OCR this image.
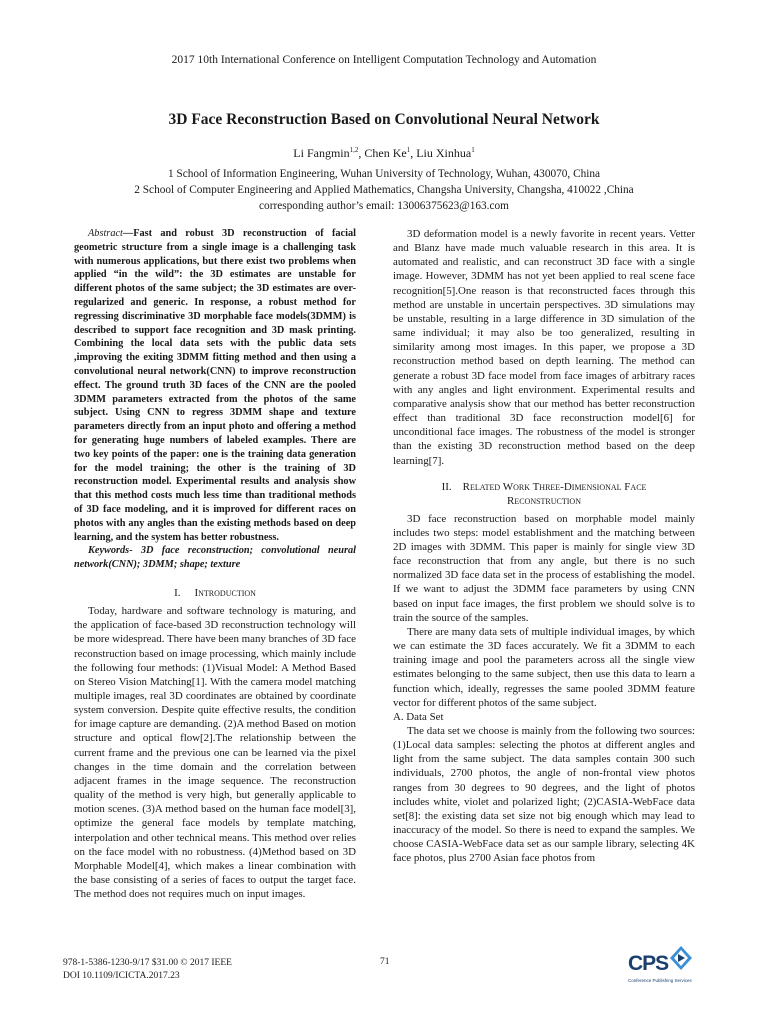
2017 10th International Conference on Intelligent Computation Technology and Automation
3D Face Reconstruction Based on Convolutional Neural Network
Li Fangmin$^{1,2}$, Chen Ke$^1$, Liu Xinhua$^1$
1 School of Information Engineering, Wuhan University of Technology, Wuhan, 430070, China
2 School of Computer Engineering and Applied Mathematics, Changsha University, Changsha, 410022 ,China
corresponding author’s email: 13006375623@163.com

Abstract—Fast and robust 3D reconstruction of facial geometric structure from a single image is a challenging task with numerous applications, but there exist two problems when applied “in the wild”: the 3D estimates are unstable for different photos of the same subject; the 3D estimates are over-regularized and generic. In response, a robust method for regressing discriminative 3D morphable face models(3DMM) is described to support face recognition and 3D mask printing. Combining the local data sets with the public data sets ,improving the exiting 3DMM fitting method and then using a convolutional neural network(CNN) to improve reconstruction effect. The ground truth 3D faces of the CNN are the pooled 3DMM parameters extracted from the photos of the same subject. Using CNN to regress 3DMM shape and texture parameters directly from an input photo and offering a method for generating huge numbers of labeled examples. There are two key points of the paper: one is the training data generation for the model training; the other is the training of 3D reconstruction model. Experimental results and analysis show that this method costs much less time than traditional methods of 3D face modeling, and it is improved for different races on photos with any angles than the existing methods based on deep learning, and the system has better robustness.

Keywords- 3D face reconstruction; convolutional neural network(CNN); 3DMM; shape; texture

I. Introduction

Today, hardware and software technology is maturing, and the application of face-based 3D reconstruction technology will be more widespread. There have been many branches of 3D face reconstruction based on image processing, which mainly include the following four methods: (1)Visual Model: A Method Based on Stereo Vision Matching[1]. With the camera model matching multiple images, real 3D coordinates are obtained by coordinate system conversion. Despite quite effective results, the condition for image capture are demanding. (2)A method Based on motion structure and optical flow[2].The relationship between the current frame and the previous one can be learned via the pixel changes in the time domain and the correlation between adjacent frames in the image sequence. The reconstruction quality of the method is very high, but generally applicable to motion scenes. (3)A method based on the human face model[3], optimize the general face models by template matching, interpolation and other technical means. This method over relies on the face model with no robustness. (4)Method based on 3D Morphable Model[4], which makes a linear combination with the base consisting of a series of faces to output the target face. The method does not requires much on input images.

3D deformation model is a newly favorite in recent years. Vetter and Blanz have made much valuable research in this area. It is automated and realistic, and can reconstruct 3D face with a single image. However, 3DMM has not yet been applied to real scene face recognition[5].One reason is that reconstructed faces through this method are unstable in uncertain perspectives. 3D simulations may be unstable, resulting in a large difference in 3D simulation of the same individual; it may also be too generalized, resulting in similarity among most images. In this paper, we propose a 3D reconstruction method based on depth learning. The method can generate a robust 3D face model from face images of arbitrary races with any angles and light environment. Experimental results and comparative analysis show that our method has better reconstruction effect than traditional 3D face reconstruction model[6] for unconditional face images. The robustness of the model is stronger than the existing 3D reconstruction method based on the deep learning[7].

II. Related Work Three-Dimensional Face
Reconstruction

3D face reconstruction based on morphable model mainly includes two steps: model establishment and the matching between 2D images with 3DMM. This paper is mainly for single view 3D face reconstruction that from any angle, but there is no such normalized 3D face data set in the process of establishing the model. If we want to adjust the 3DMM face parameters by using CNN based on input face images, the first problem we should solve is to train the source of the samples.

There are many data sets of multiple individual images, by which we can estimate the 3D faces accurately. We fit a 3DMM to each training image and pool the parameters across all the single view estimates belonging to the same subject, then use this data to learn a function which, ideally, regresses the same pooled 3DMM feature vector for different photos of the same subject.

A. Data Set

The data set we choose is mainly from the following two sources: (1)Local data samples: selecting the photos at different angles and light from the same subject. The data samples contain 300 such individuals, 2700 photos, the angle of non-frontal view photos ranges from 30 degrees to 90 degrees, and the light of photos includes white, violet and polarized light; (2)CASIA-WebFace data set[8]: the existing data set size not big enough which may lead to inaccuracy of the model. So there is need to expand the samples. We choose CASIA-WebFace data set as our sample library, selecting 4K face photos, plus 2700 Asian face photos from

978-1-5386-1230-9/17 $31.00 © 2017 IEEE
DOI 10.1109/ICICTA.2017.23
71	CPS
Conference Publishing Services
